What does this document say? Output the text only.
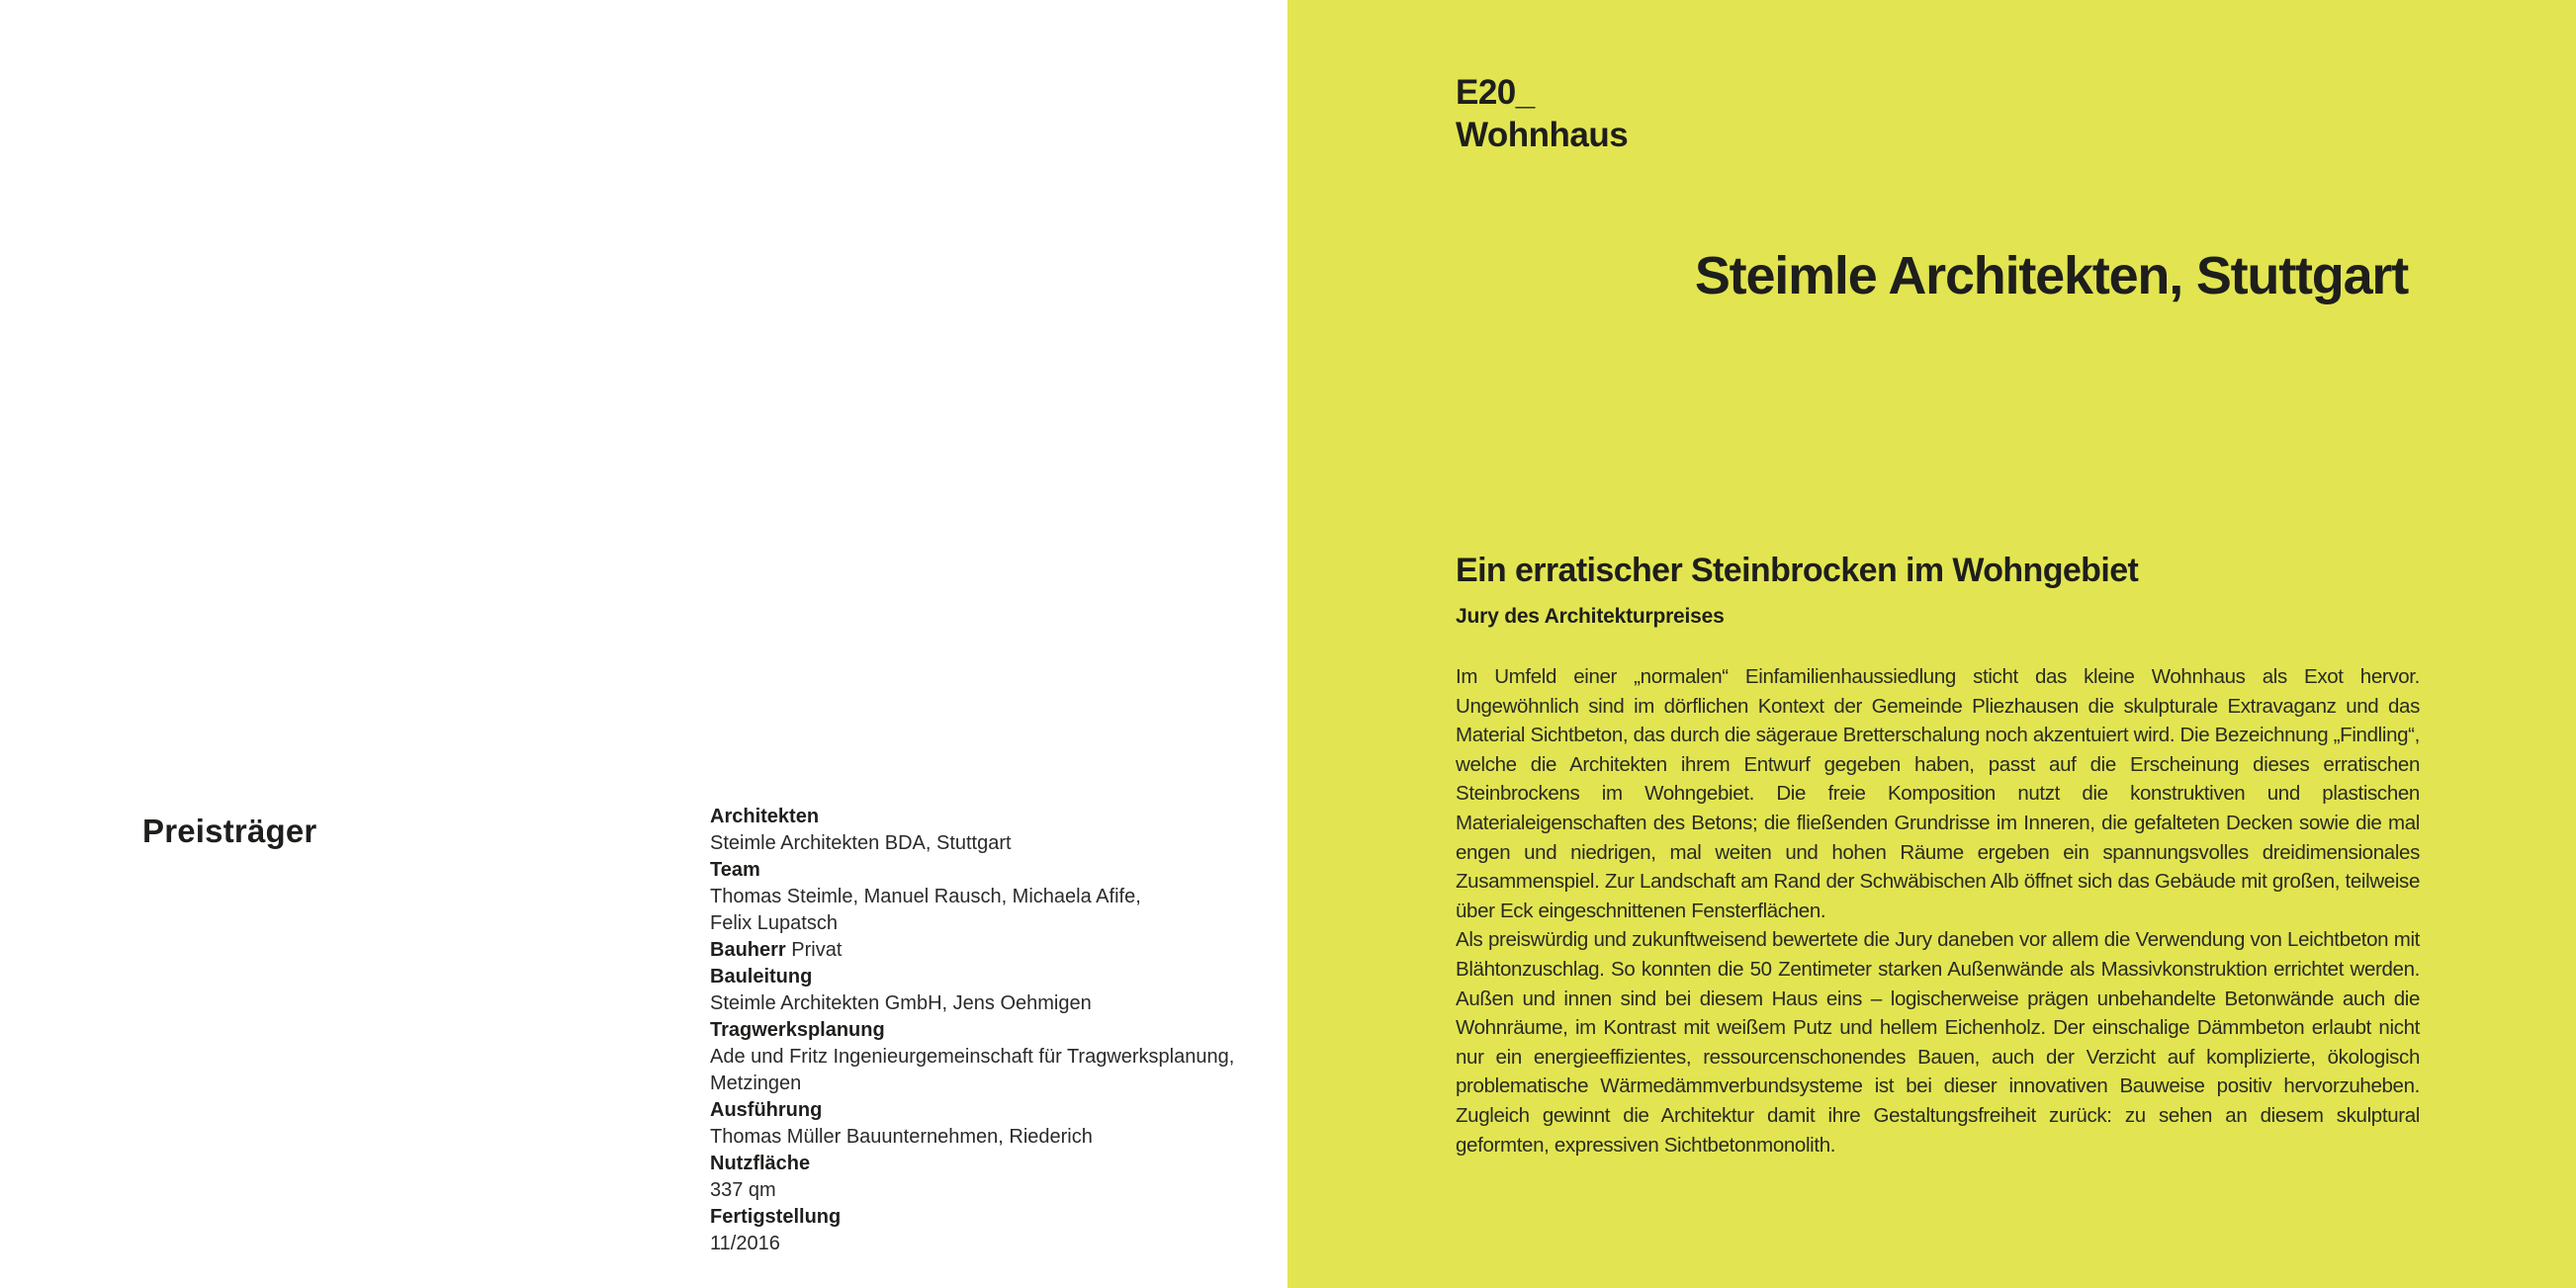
Preisträger	Architekten
Steimle Architekten BDA, Stuttgart
Team
Thomas Steimle, Manuel Rausch, Michaela Afife, Felix Lupatsch
Bauherr Privat
Bauleitung
Steimle Architekten GmbH, Jens Oehmigen
Tragwerksplanung
Ade und Fritz Ingenieurgemeinschaft für Tragwerksplanung, Metzingen
Ausführung
Thomas Müller Bauunternehmen, Riederich
Nutzfläche
337 qm
Fertigstellung
11/2016
E20_
Wohnhaus
Steimle Architekten, Stuttgart
Ein erratischer Steinbrocken im Wohngebiet
Jury des Architekturpreises

Im Umfeld einer „normalen“ Einfamilienhaussiedlung sticht das kleine Wohnhaus als Exot hervor. Ungewöhnlich sind im dörflichen Kontext der Gemeinde Pliezhausen die skulpturale Extravaganz und das Material Sichtbeton, das durch die sägeraue Bretterschalung noch akzentuiert wird. Die Bezeichnung „Findling“, welche die Architekten ihrem Entwurf gegeben haben, passt auf die Erscheinung dieses erratischen Steinbrockens im Wohngebiet. Die freie Komposition nutzt die konstruktiven und plastischen Materialeigenschaften des Betons; die fließenden Grundrisse im Inneren, die gefalteten Decken sowie die mal engen und niedrigen, mal weiten und hohen Räume ergeben ein spannungsvolles dreidimensionales Zusammenspiel. Zur Landschaft am Rand der Schwäbischen Alb öffnet sich das Gebäude mit großen, teilweise über Eck eingeschnittenen Fensterflächen.

Als preiswürdig und zukunftweisend bewertete die Jury daneben vor allem die Verwendung von Leichtbeton mit Blähtonzuschlag. So konnten die 50 Zentimeter starken Außenwände als Massivkonstruktion errichtet werden. Außen und innen sind bei diesem Haus eins – logischerweise prägen unbehandelte Betonwände auch die Wohnräume, im Kontrast mit weißem Putz und hellem Eichenholz. Der einschalige Dämmbeton erlaubt nicht nur ein energieeffizientes, ressourcenschonendes Bauen, auch der Verzicht auf komplizierte, ökologisch problematische Wärmedämmverbundsysteme ist bei dieser innovativen Bauweise positiv hervorzuheben. Zugleich gewinnt die Architektur damit ihre Gestaltungsfreiheit zurück: zu sehen an diesem skulptural geformten, expressiven Sichtbetonmonolith.
